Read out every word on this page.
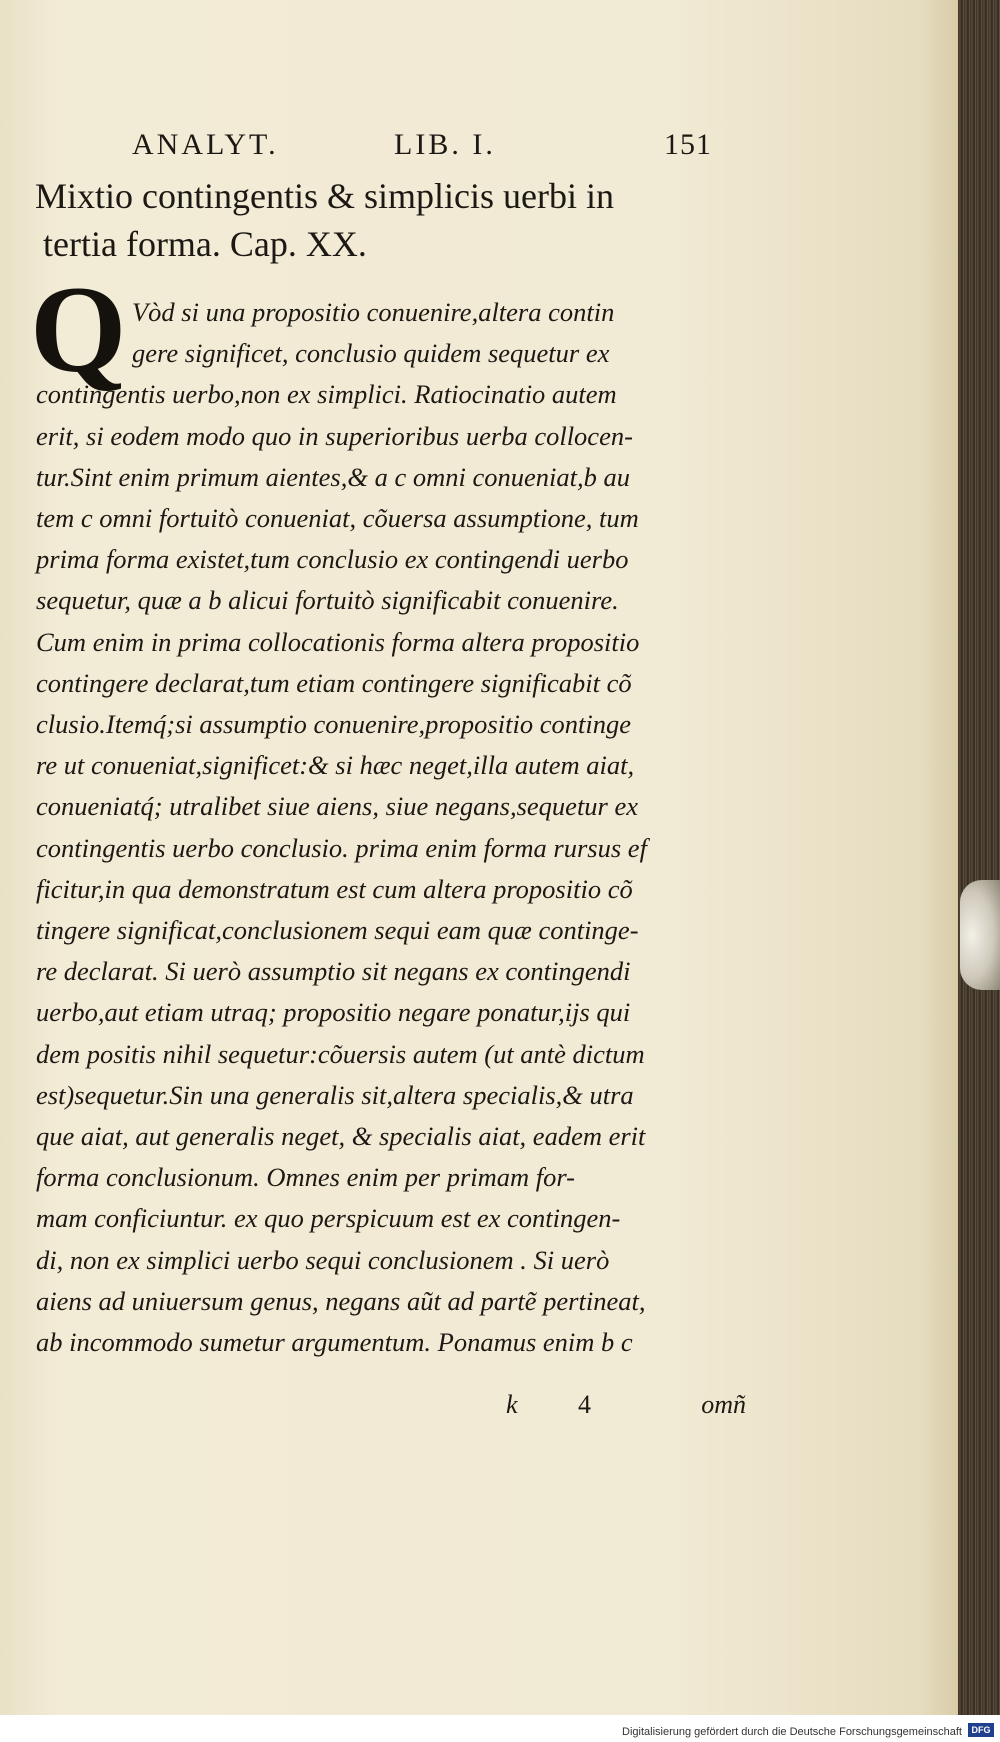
ANALYT.	LIB. I.	151
Mixtio contingentis & simplicis uerbi in
tertia forma. Cap. XX.
Q Vòd si una propositio conuenire,altera contin
gere significet, conclusio quidem sequetur ex
contingentis uerbo,non ex simplici. Ratiocinatio autem
erit, si eodem modo quo in superioribus uerba collocen-
tur.Sint enim primum aientes,& a c omni conueniat,b au
tem c omni fortuitò conueniat, cõuersa assumptione, tum
prima forma existet,tum conclusio ex contingendi uerbo
sequetur, quæ a b alicui fortuitò significabit conuenire.
Cum enim in prima collocationis forma altera propositio
contingere declarat,tum etiam contingere significabit cõ
clusio.Itemq́;si assumptio conuenire,propositio continge
re ut conueniat,significet:& si hæc neget,illa autem aiat,
conueniatq́; utralibet siue aiens, siue negans,sequetur ex
contingentis uerbo conclusio. prima enim forma rursus ef
ficitur,in qua demonstratum est cum altera propositio cõ
tingere significat,conclusionem sequi eam quæ continge-
re declarat. Si uerò assumptio sit negans ex contingendi
uerbo,aut etiam utraq; propositio negare ponatur,ijs qui
dem positis nihil sequetur:cõuersis autem (ut antè dictum
est)sequetur.Sin una generalis sit,altera specialis,& utra
que aiat, aut generalis neget, & specialis aiat, eadem erit
forma conclusionum. Omnes enim per primam for-
mam conficiuntur. ex quo perspicuum est ex contingen-
di, non ex simplici uerbo sequi conclusionem . Si uerò
aiens ad uniuersum genus, negans aũt ad partẽ pertineat,
ab incommodo sumetur argumentum. Ponamus enim b c
k 4	omñ
Digitalisierung gefördert durch die Deutsche Forschungsgemeinschaft	DFG
